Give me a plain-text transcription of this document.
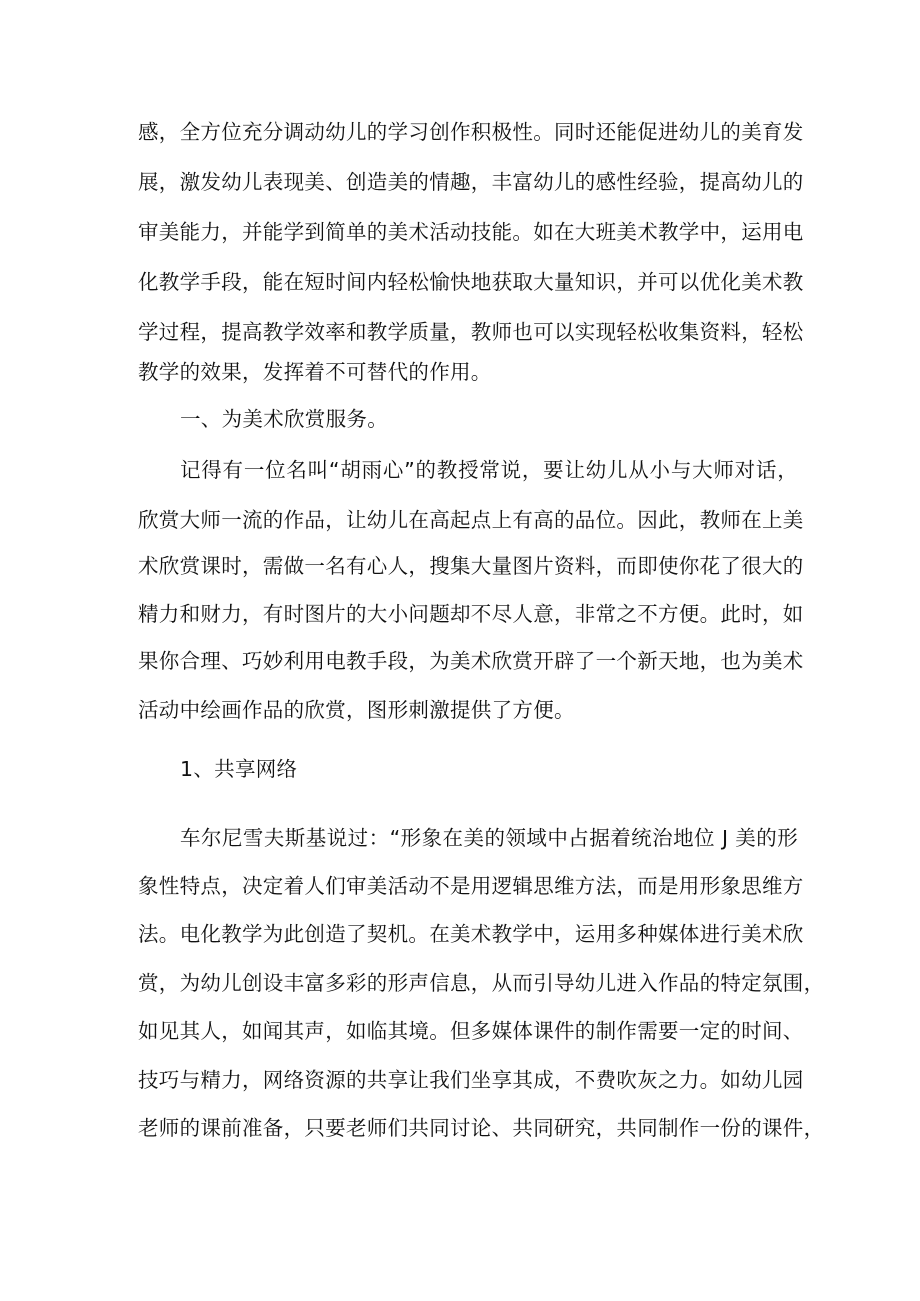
感，全方位充分调动幼儿的学习创作积极性。同时还能促进幼儿的美育发
展，激发幼儿表现美、创造美的情趣，丰富幼儿的感性经验，提高幼儿的
审美能力，并能学到简单的美术活动技能。如在大班美术教学中，运用电
化教学手段，能在短时间内轻松愉快地获取大量知识，并可以优化美术教
学过程，提高教学效率和教学质量，教师也可以实现轻松收集资料，轻松
教学的效果，发挥着不可替代的作用。
一、为美术欣赏服务。
记得有一位名叫“胡雨心”的教授常说，要让幼儿从小与大师对话，
欣赏大师一流的作品，让幼儿在高起点上有高的品位。因此，教师在上美
术欣赏课时，需做一名有心人，搜集大量图片资料，而即使你花了很大的
精力和财力，有时图片的大小问题却不尽人意，非常之不方便。此时，如
果你合理、巧妙利用电教手段，为美术欣赏开辟了一个新天地，也为美术
活动中绘画作品的欣赏，图形刺激提供了方便。
1、共享网络
车尔尼雪夫斯基说过：“形象在美的领域中占据着统治地位 J 美的形
象性特点，决定着人们审美活动不是用逻辑思维方法，而是用形象思维方
法。电化教学为此创造了契机。在美术教学中，运用多种媒体进行美术欣
赏，为幼儿创设丰富多彩的形声信息，从而引导幼儿进入作品的特定氛围，
如见其人，如闻其声，如临其境。但多媒体课件的制作需要一定的时间、
技巧与精力，网络资源的共享让我们坐享其成，不费吹灰之力。如幼儿园
老师的课前准备，只要老师们共同讨论、共同研究，共同制作一份的课件，
